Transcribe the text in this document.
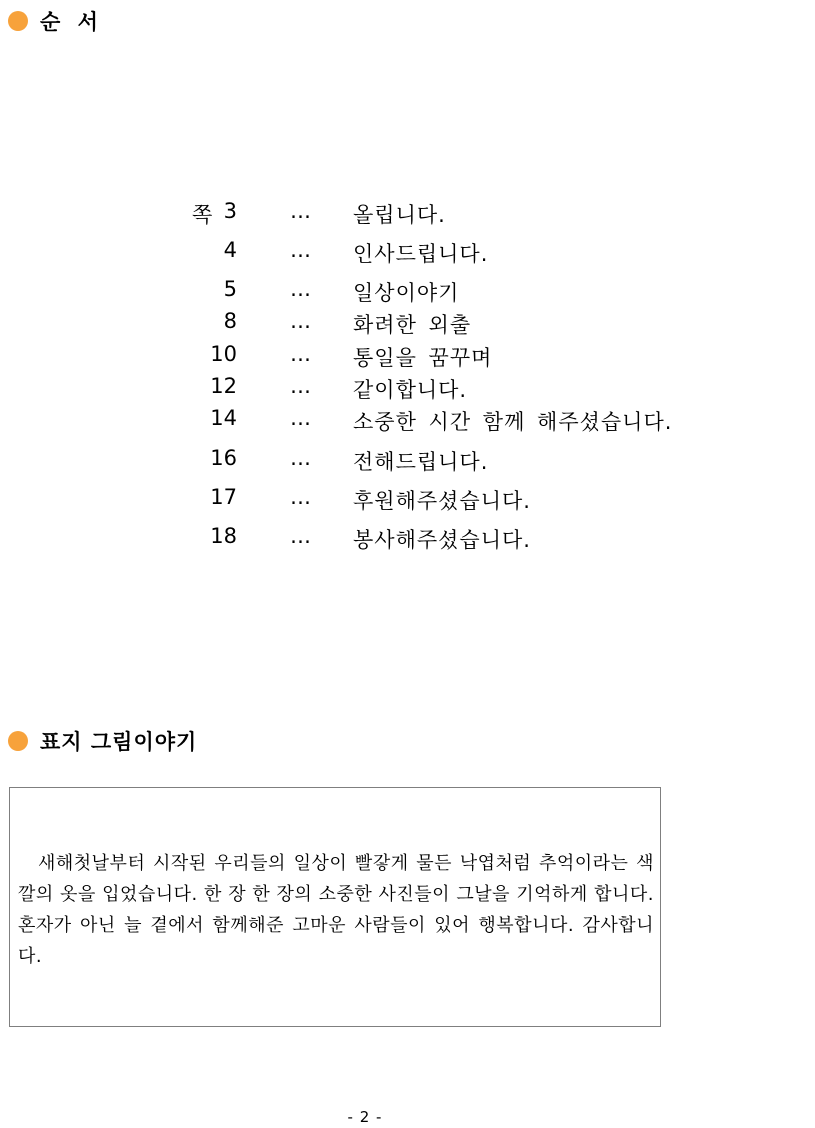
순 서
쪽 3	… 올립니다.
4	… 인사드립니다.
5	… 일상이야기
8	… 화려한 외출
10	… 통일을 꿈꾸며
12	… 같이합니다.
14	… 소중한 시간 함께 해주셨습니다.
16	… 전해드립니다.
17	… 후원해주셨습니다.
18	… 봉사해주셨습니다.
표지 그림이야기

새해첫날부터 시작된 우리들의 일상이 빨갛게 물든 낙엽처럼 추억이라는 색깔의 옷을 입었습니다. 한 장 한 장의 소중한 사진들이 그날을 기억하게 합니다. 혼자가 아닌 늘 곁에서 함께해준 고마운 사람들이 있어 행복합니다. 감사합니다.

- 2 -
